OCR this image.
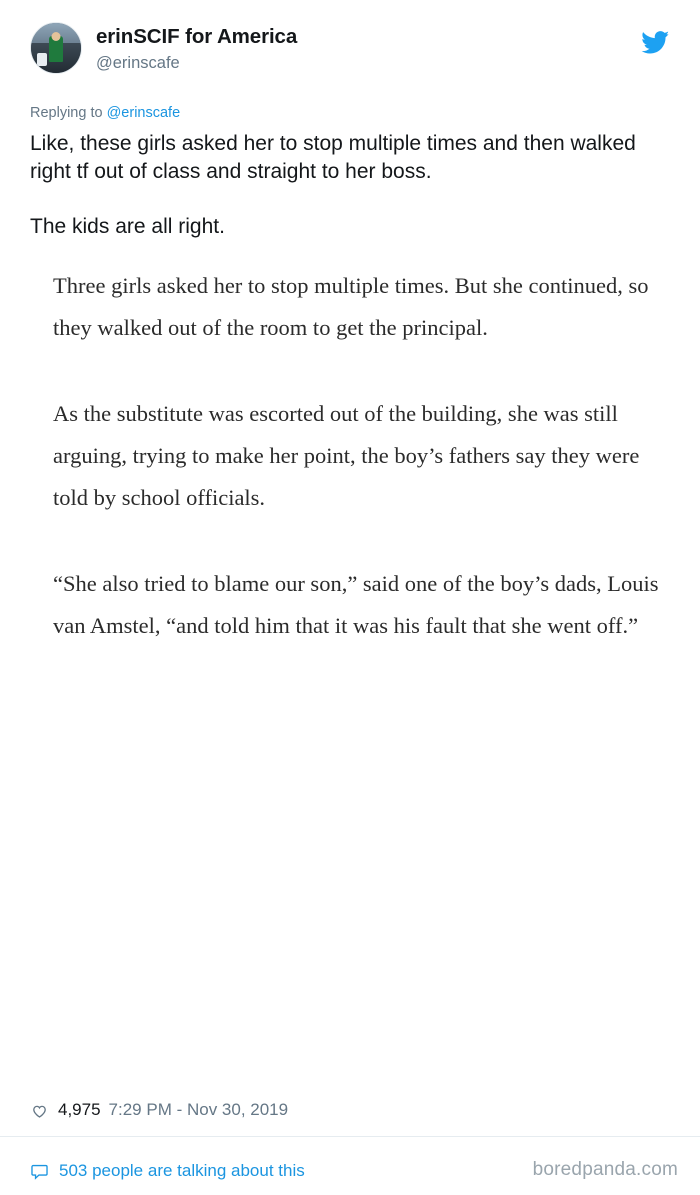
erinSCIF for America
@erinscafe
Replying to @erinscafe

Like, these girls asked her to stop multiple times and then walked right tf out of class and straight to her boss.

The kids are all right.

Three girls asked her to stop multiple times. But she continued, so they walked out of the room to get the principal.

As the substitute was escorted out of the building, she was still arguing, trying to make her point, the boy’s fathers say they were told by school officials.

“She also tried to blame our son,” said one of the boy’s dads, Louis van Amstel, “and told him that it was his fault that she went off.”

4,975 7:29 PM - Nov 30, 2019
503 people are talking about this	boredpanda.com
